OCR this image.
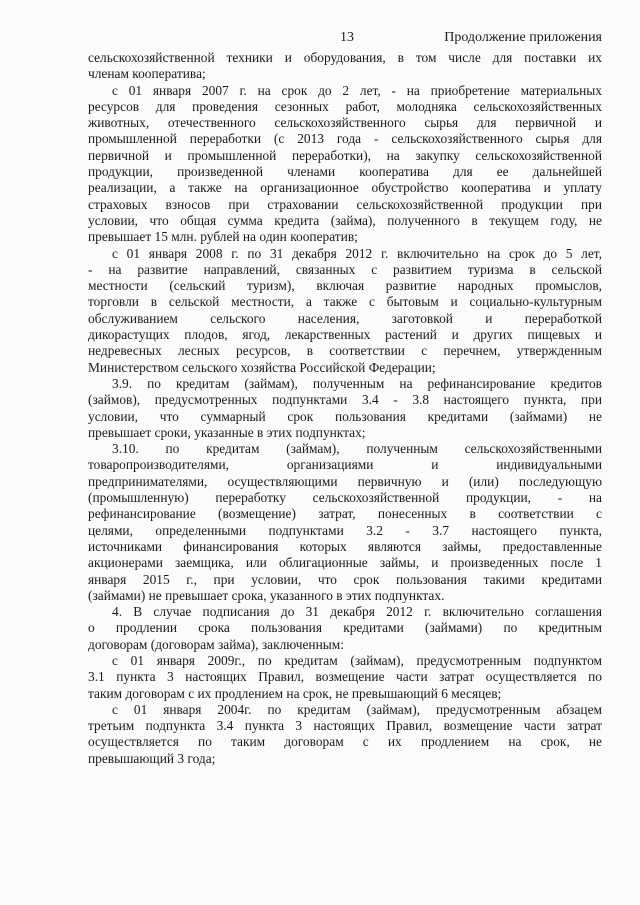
13	Продолжение приложения
сельскохозяйственной техники и оборудования, в том числе для поставки их
членам кооператива;
с 01 января 2007 г. на срок до 2 лет, - на приобретение материальных
ресурсов для проведения сезонных работ, молодняка сельскохозяйственных
животных, отечественного сельскохозяйственного сырья для первичной и
промышленной переработки (с 2013 года - сельскохозяйственного сырья для
первичной и промышленной переработки), на закупку сельскохозяйственной
продукции, произведенной членами кооператива для ее дальнейшей
реализации, а также на организационное обустройство кооператива и уплату
страховых взносов при страховании сельскохозяйственной продукции при
условии, что общая сумма кредита (займа), полученного в текущем году, не
превышает 15 млн. рублей на один кооператив;
с 01 января 2008 г. по 31 декабря 2012 г. включительно на срок до 5 лет,
- на развитие направлений, связанных с развитием туризма в сельской
местности (сельский туризм), включая развитие народных промыслов,
торговли в сельской местности, а также с бытовым и социально-культурным
обслуживанием сельского населения, заготовкой и переработкой
дикорастущих плодов, ягод, лекарственных растений и других пищевых и
недревесных лесных ресурсов, в соответствии с перечнем, утвержденным
Министерством сельского хозяйства Российской Федерации;
3.9. по кредитам (займам), полученным на рефинансирование кредитов
(займов), предусмотренных подпунктами 3.4 - 3.8 настоящего пункта, при
условии, что суммарный срок пользования кредитами (займами) не
превышает сроки, указанные в этих подпунктах;
3.10. по кредитам (займам), полученным сельскохозяйственными
товаропроизводителями, организациями и индивидуальными
предпринимателями, осуществляющими первичную и (или) последующую
(промышленную) переработку сельскохозяйственной продукции, - на
рефинансирование (возмещение) затрат, понесенных в соответствии с
целями, определенными подпунктами 3.2 - 3.7 настоящего пункта,
источниками финансирования которых являются займы, предоставленные
акционерами заемщика, или облигационные займы, и произведенных после 1
января 2015 г., при условии, что срок пользования такими кредитами
(займами) не превышает срока, указанного в этих подпунктах.
4. В случае подписания до 31 декабря 2012 г. включительно соглашения
о продлении срока пользования кредитами (займами) по кредитным
договорам (договорам займа), заключенным:
с 01 января 2009г., по кредитам (займам), предусмотренным подпунктом
3.1 пункта 3 настоящих Правил, возмещение части затрат осуществляется по
таким договорам с их продлением на срок, не превышающий 6 месяцев;
с 01 января 2004г. по кредитам (займам), предусмотренным абзацем
третьим подпункта 3.4 пункта 3 настоящих Правил, возмещение части затрат
осуществляется по таким договорам с их продлением на срок, не
превышающий 3 года;
